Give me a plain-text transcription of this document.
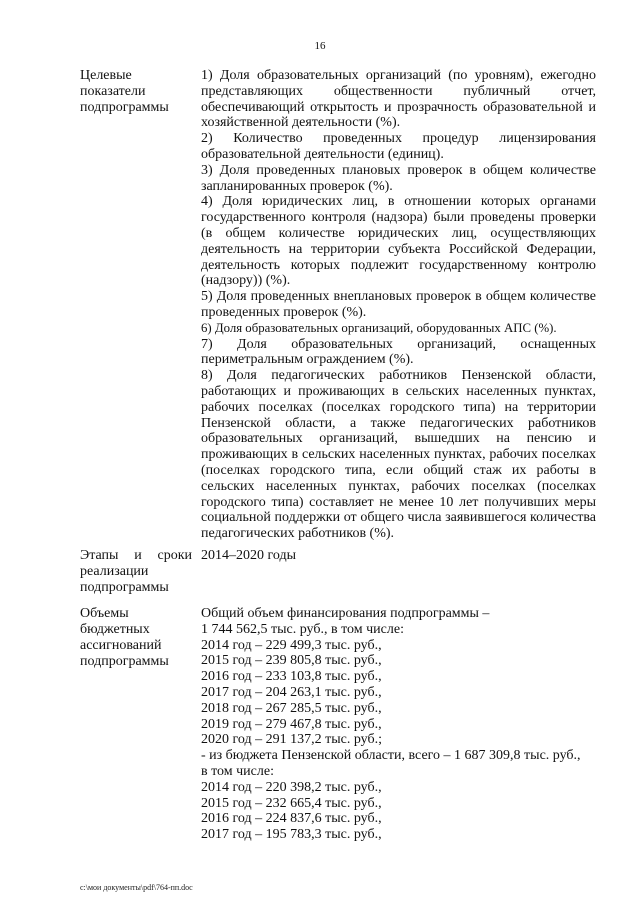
16
Целевые показатели подпрограммы

1) Доля образовательных организаций (по уровням), ежегодно представляющих общественности публичный отчет, обеспечивающий открытость и прозрачность образовательной и хозяйственной деятельности (%).

2) Количество проведенных процедур лицензирования образовательной деятельности (единиц).

3) Доля проведенных плановых проверок в общем количестве запланированных проверок (%).

4) Доля юридических лиц, в отношении которых органами государственного контроля (надзора) были проведены проверки (в общем количестве юридических лиц, осуществляющих деятельность на территории субъекта Российской Федерации, деятельность которых подлежит государственному контролю (надзору)) (%).

5) Доля проведенных внеплановых проверок в общем количестве проведенных проверок (%).

6) Доля образовательных организаций, оборудованных АПС (%).

7) Доля образовательных организаций, оснащенных периметральным ограждением (%).

8) Доля педагогических работников Пензенской области, работающих и проживающих в сельских населенных пунктах, рабочих поселках (поселках городского типа) на территории Пензенской области, а также педагогических работников образовательных организаций, вышедших на пенсию и проживающих в сельских населенных пунктах, рабочих поселках (поселках городского типа, если общий стаж их работы в сельских населенных пунктах, рабочих поселках (поселках городского типа) составляет не менее 10 лет получивших меры социальной поддержки от общего числа заявившегося количества педагогических работников (%).

Этапы и сроки
реализации подпрограммы
2014–2020 годы
Объемы бюджетных ассигнований подпрограммы

Общий объем финансирования подпрограммы –

1 744 562,5 тыс. руб., в том числе:

2014 год – 229 499,3 тыс. руб.,

2015 год – 239 805,8 тыс. руб.,

2016 год – 233 103,8 тыс. руб.,

2017 год – 204 263,1 тыс. руб.,

2018 год – 267 285,5 тыс. руб.,

2019 год – 279 467,8 тыс. руб.,

2020 год – 291 137,2 тыс. руб.;

- из бюджета Пензенской области, всего – 1 687 309,8 тыс. руб.,

в том числе:

2014 год – 220 398,2 тыс. руб.,

2015 год – 232 665,4 тыс. руб.,

2016 год – 224 837,6 тыс. руб.,

2017 год – 195 783,3 тыс. руб.,

c:\мои документы\pdf\764-пп.doc
